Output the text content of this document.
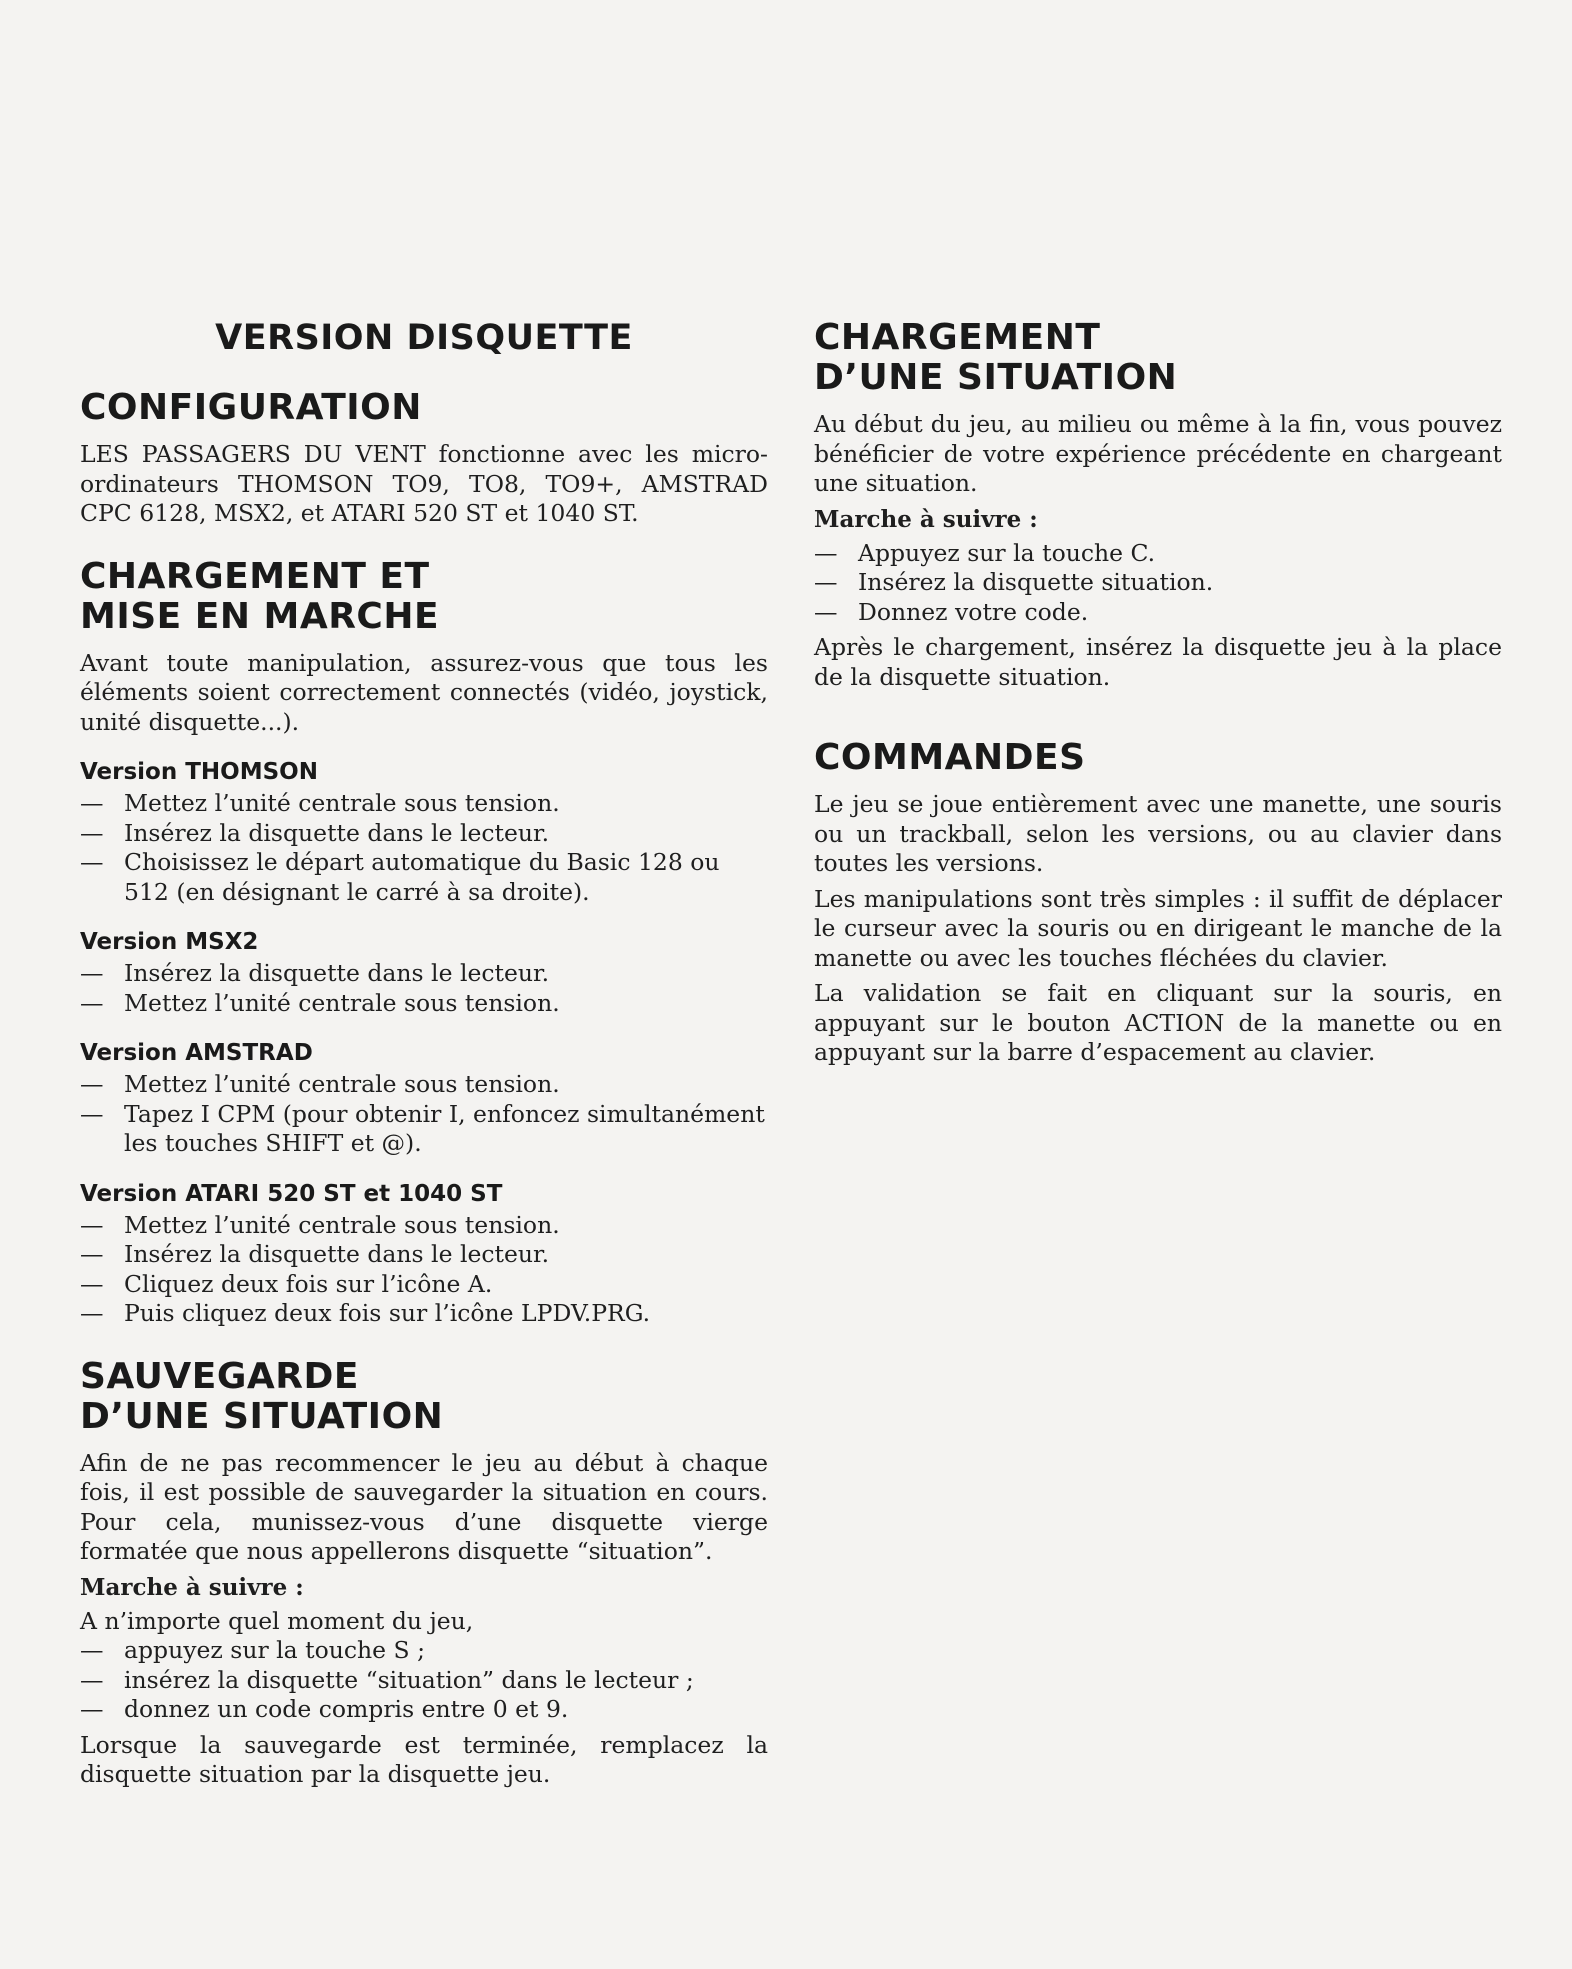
VERSION DISQUETTE
CONFIGURATION

LES PASSAGERS DU VENT fonctionne avec les micro-ordinateurs THOMSON TO9, TO8, TO9+, AMSTRAD CPC 6128, MSX2, et ATARI 520 ST et 1040 ST.

CHARGEMENT ET
MISE EN MARCHE

Avant toute manipulation, assurez-vous que tous les éléments soient correctement connectés (vidéo, joystick, unité disquette...).

Version THOMSON
— Mettez l’unité centrale sous tension.
— Insérez la disquette dans le lecteur.
— Choisissez le départ automatique du Basic 128 ou 512 (en désignant le carré à sa droite).
Version MSX2
— Insérez la disquette dans le lecteur.
— Mettez l’unité centrale sous tension.
Version AMSTRAD
— Mettez l’unité centrale sous tension.
— Tapez I CPM (pour obtenir I, enfoncez simultanément les touches SHIFT et @).
Version ATARI 520 ST et 1040 ST
— Mettez l’unité centrale sous tension.
— Insérez la disquette dans le lecteur.
— Cliquez deux fois sur l’icône A.
— Puis cliquez deux fois sur l’icône LPDV.PRG.
SAUVEGARDE
D’UNE SITUATION

Afin de ne pas recommencer le jeu au début à chaque fois, il est possible de sauvegarder la situation en cours. Pour cela, munissez-vous d’une disquette vierge formatée que nous appellerons disquette “situation”.

Marche à suivre :

A n’importe quel moment du jeu,

— appuyez sur la touche S ;
— insérez la disquette “situation” dans le lecteur ;
— donnez un code compris entre 0 et 9.

Lorsque la sauvegarde est terminée, remplacez la disquette situation par la disquette jeu.

CHARGEMENT
D’UNE SITUATION

Au début du jeu, au milieu ou même à la fin, vous pouvez bénéficier de votre expérience précédente en chargeant une situation.

Marche à suivre :
— Appuyez sur la touche C.
— Insérez la disquette situation.
— Donnez votre code.

Après le chargement, insérez la disquette jeu à la place de la disquette situation.

COMMANDES

Le jeu se joue entièrement avec une manette, une souris ou un trackball, selon les versions, ou au clavier dans toutes les versions.

Les manipulations sont très simples : il suffit de déplacer le curseur avec la souris ou en dirigeant le manche de la manette ou avec les touches fléchées du clavier.

La validation se fait en cliquant sur la souris, en appuyant sur le bouton ACTION de la manette ou en appuyant sur la barre d’espacement au clavier.
